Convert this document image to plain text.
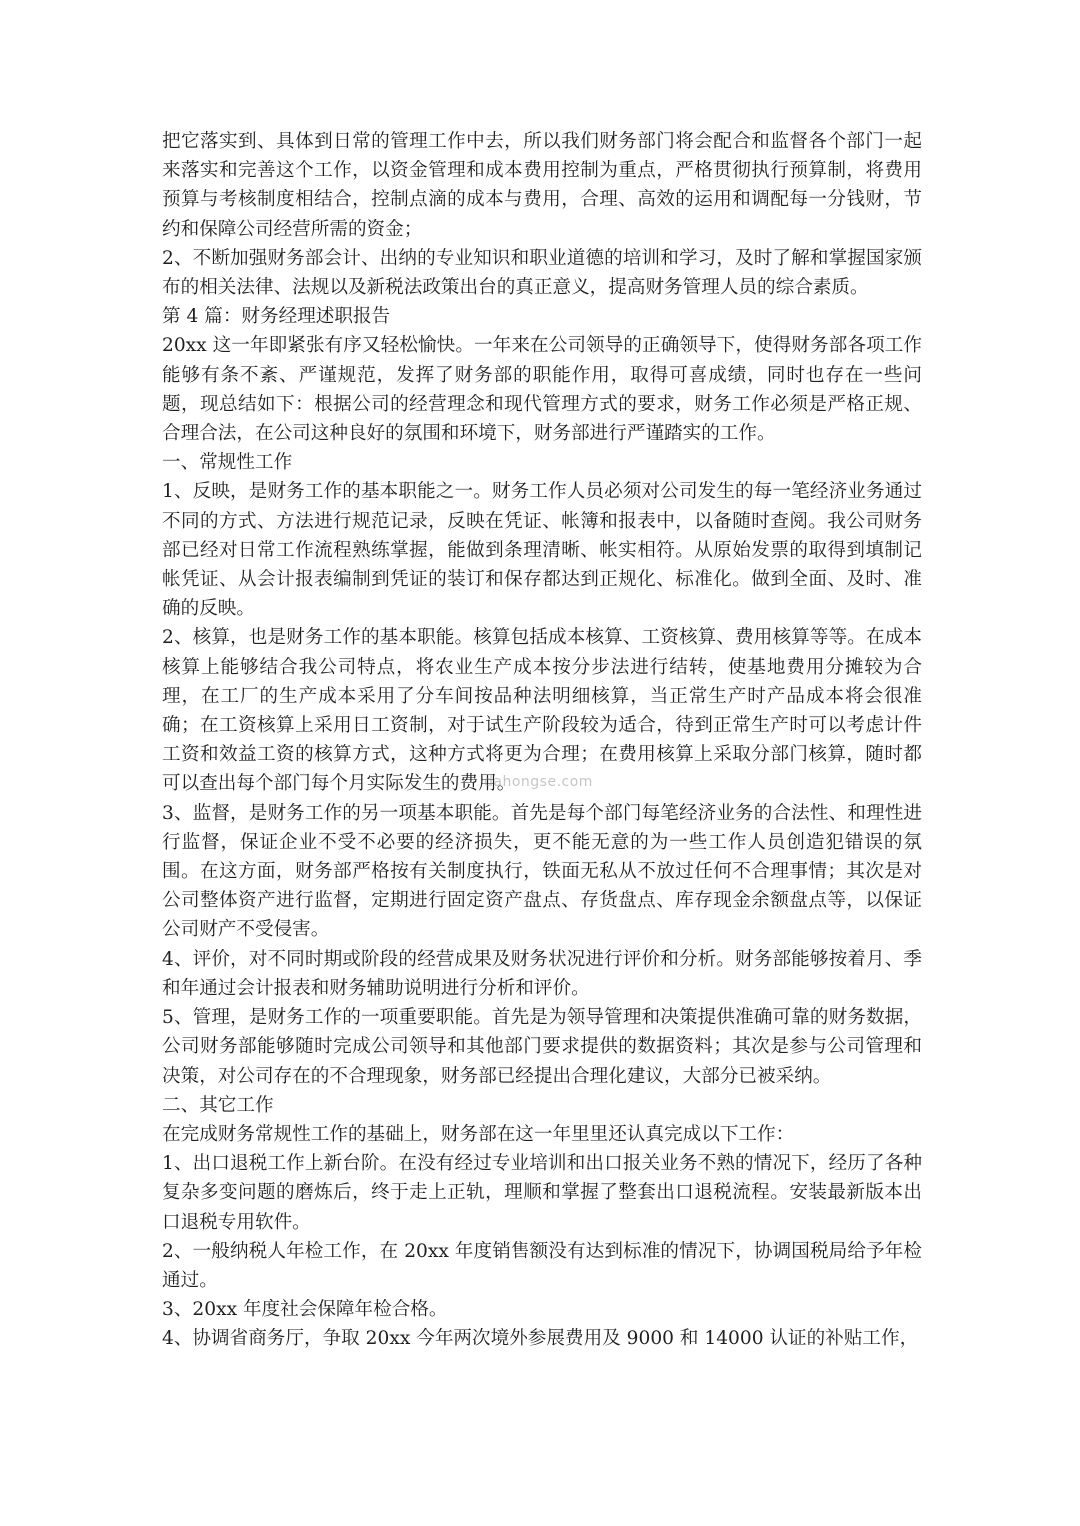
把它落实到、具体到日常的管理工作中去，所以我们财务部门将会配合和监督各个部门一起来落实和完善这个工作，以资金管理和成本费用控制为重点，严格贯彻执行预算制，将费用预算与考核制度相结合，控制点滴的成本与费用，合理、高效的运用和调配每一分钱财，节约和保障公司经营所需的资金；

2、不断加强财务部会计、出纳的专业知识和职业道德的培训和学习，及时了解和掌握国家颁布的相关法律、法规以及新税法政策出台的真正意义，提高财务管理人员的综合素质。

第 4 篇：财务经理述职报告

20xx 这一年即紧张有序又轻松愉快。一年来在公司领导的正确领导下，使得财务部各项工作能够有条不紊、严谨规范，发挥了财务部的职能作用，取得可喜成绩，同时也存在一些问题，现总结如下：根据公司的经营理念和现代管理方式的要求，财务工作必须是严格正规、合理合法，在公司这种良好的氛围和环境下，财务部进行严谨踏实的工作。

一、常规性工作

1、反映，是财务工作的基本职能之一。财务工作人员必须对公司发生的每一笔经济业务通过不同的方式、方法进行规范记录，反映在凭证、帐簿和报表中，以备随时查阅。我公司财务部已经对日常工作流程熟练掌握，能做到条理清晰、帐实相符。从原始发票的取得到填制记帐凭证、从会计报表编制到凭证的装订和保存都达到正规化、标准化。做到全面、及时、准确的反映。

2、核算，也是财务工作的基本职能。核算包括成本核算、工资核算、费用核算等等。在成本核算上能够结合我公司特点，将农业生产成本按分步法进行结转，使基地费用分摊较为合理，在工厂的生产成本采用了分车间按品种法明细核算，当正常生产时产品成本将会很准确；在工资核算上采用日工资制，对于试生产阶段较为适合，待到正常生产时可以考虑计件工资和效益工资的核算方式，这种方式将更为合理；在费用核算上采取分部门核算，随时都可以查出每个部门每个月实际发生的费用。

3、监督，是财务工作的另一项基本职能。首先是每个部门每笔经济业务的合法性、和理性进行监督，保证企业不受不必要的经济损失，更不能无意的为一些工作人员创造犯错误的氛围。在这方面，财务部严格按有关制度执行，铁面无私从不放过任何不合理事情；其次是对公司整体资产进行监督，定期进行固定资产盘点、存货盘点、库存现金余额盘点等，以保证公司财产不受侵害。

4、评价，对不同时期或阶段的经营成果及财务状况进行评价和分析。财务部能够按着月、季和年通过会计报表和财务辅助说明进行分析和评价。

5、管理，是财务工作的一项重要职能。首先是为领导管理和决策提供准确可靠的财务数据，公司财务部能够随时完成公司领导和其他部门要求提供的数据资料；其次是参与公司管理和决策，对公司存在的不合理现象，财务部已经提出合理化建议，大部分已被采纳。

二、其它工作

在完成财务常规性工作的基础上，财务部在这一年里里还认真完成以下工作：

1、出口退税工作上新台阶。在没有经过专业培训和出口报关业务不熟的情况下，经历了各种复杂多变问题的磨炼后，终于走上正轨，理顺和掌握了整套出口退税流程。安装最新版本出口退税专用软件。

2、一般纳税人年检工作，在 20xx 年度销售额没有达到标准的情况下，协调国税局给予年检通过。

3、20xx 年度社会保障年检合格。

4、协调省商务厅，争取 20xx 今年两次境外参展费用及 9000 和 14000 认证的补贴工作，

dahongse.com
